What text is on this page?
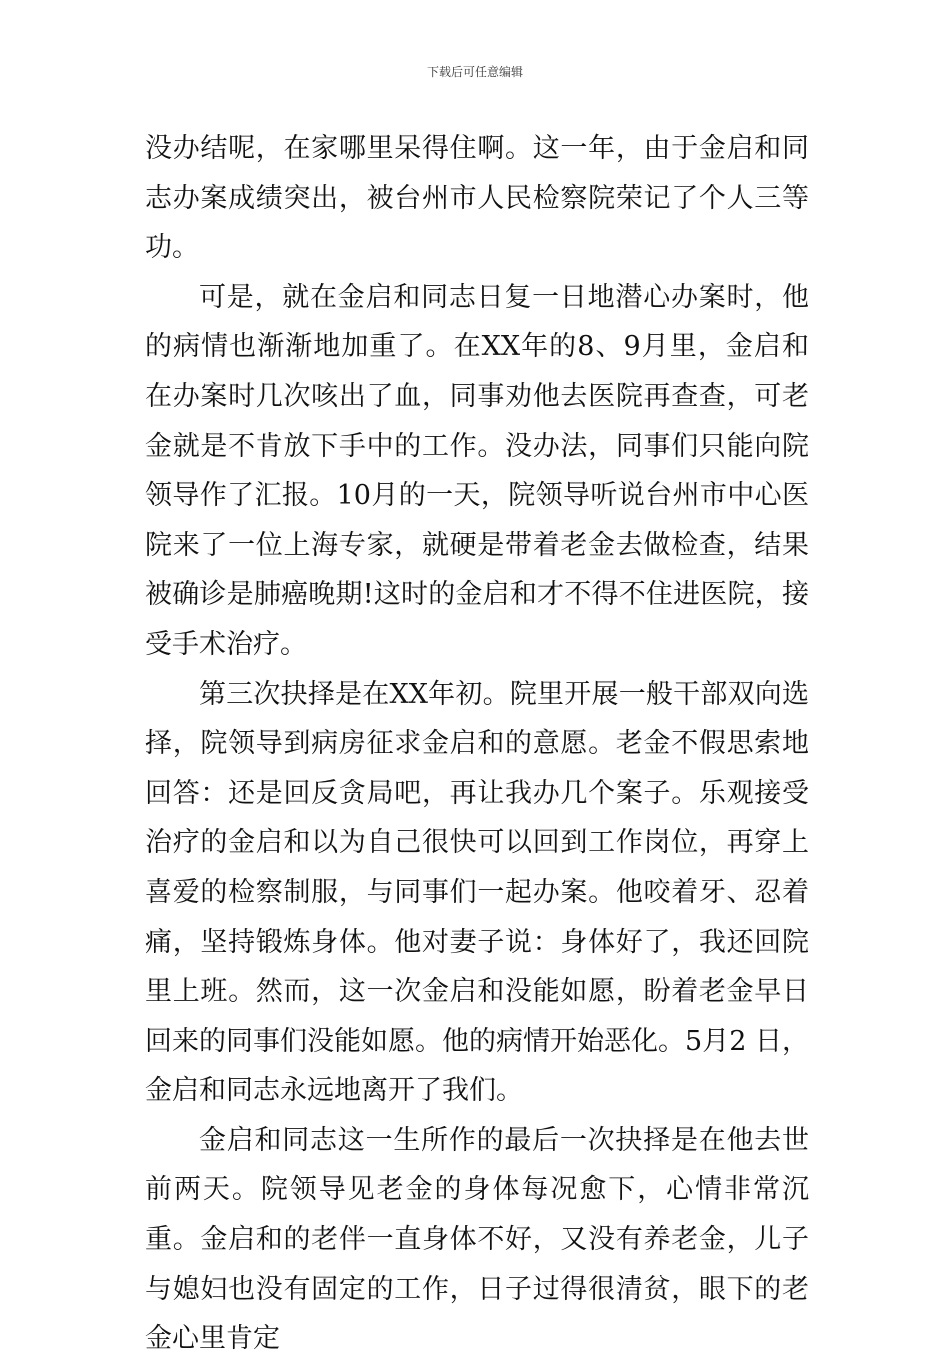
下载后可任意编辑

没办结呢，在家哪里呆得住啊。这一年，由于金启和同志办案成绩突出，被台州市人民检察院荣记了个人三等功。

可是，就在金启和同志日复一日地潜心办案时，他的病情也渐渐地加重了。在XX年的8、9月里，金启和在办案时几次咳出了血，同事劝他去医院再查查，可老金就是不肯放下手中的工作。没办法，同事们只能向院领导作了汇报。10月的一天，院领导听说台州市中心医院来了一位上海专家，就硬是带着老金去做检查，结果被确诊是肺癌晚期!这时的金启和才不得不住进医院，接受手术治疗。

第三次抉择是在XX年初。院里开展一般干部双向选择，院领导到病房征求金启和的意愿。老金不假思索地回答：还是回反贪局吧，再让我办几个案子。乐观接受治疗的金启和以为自己很快可以回到工作岗位，再穿上喜爱的检察制服，与同事们一起办案。他咬着牙、忍着痛，坚持锻炼身体。他对妻子说：身体好了，我还回院里上班。然而，这一次金启和没能如愿，盼着老金早日回来的同事们没能如愿。他的病情开始恶化。5月2 日，金启和同志永远地离开了我们。

金启和同志这一生所作的最后一次抉择是在他去世前两天。院领导见老金的身体每况愈下，心情非常沉重。金启和的老伴一直身体不好，又没有养老金，儿子与媳妇也没有固定的工作，日子过得很清贫，眼下的老金心里肯定
